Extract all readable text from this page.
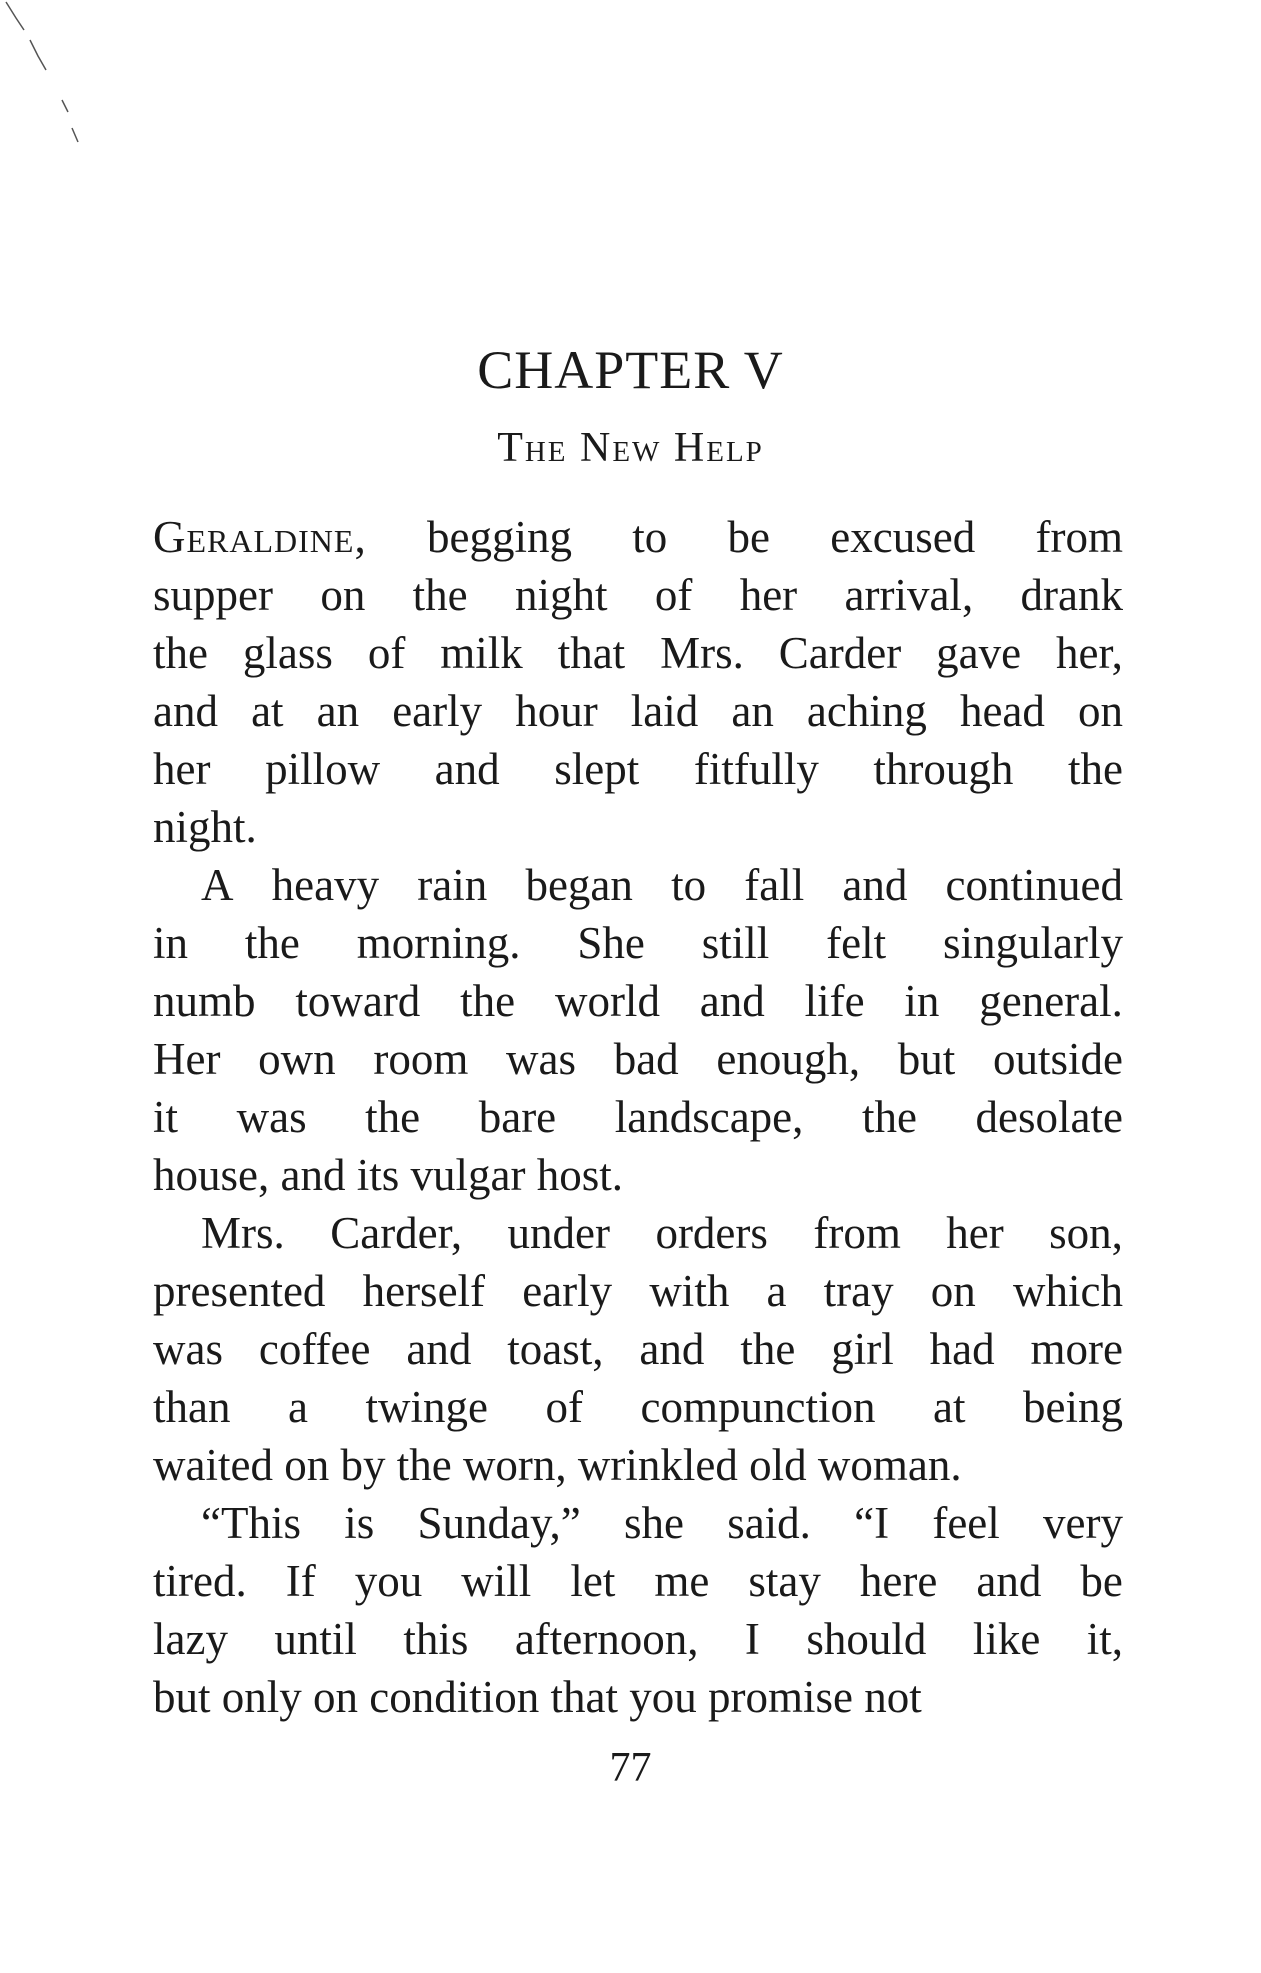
CHAPTER V
The New Help
Geraldine, begging to be excused from
supper on the night of her arrival, drank
the glass of milk that Mrs. Carder gave her,
and at an early hour laid an aching head on
her pillow and slept fitfully through the
night.
A heavy rain began to fall and continued
in the morning. She still felt singularly
numb toward the world and life in general.
Her own room was bad enough, but outside
it was the bare landscape, the desolate
house,
and
its
vulgar
host.
Mrs. Carder, under orders from her son,
presented herself early with a tray on which
was coffee and toast, and the girl had more
than a twinge of compunction at being
waited
on
by
the
worn,
wrinkled
old
woman.
“This is Sunday,” she said. “I feel very
tired. If you will let me stay here and be
lazy until this afternoon, I should like it,
but
only
on
condition
that
you
promise
not
77
